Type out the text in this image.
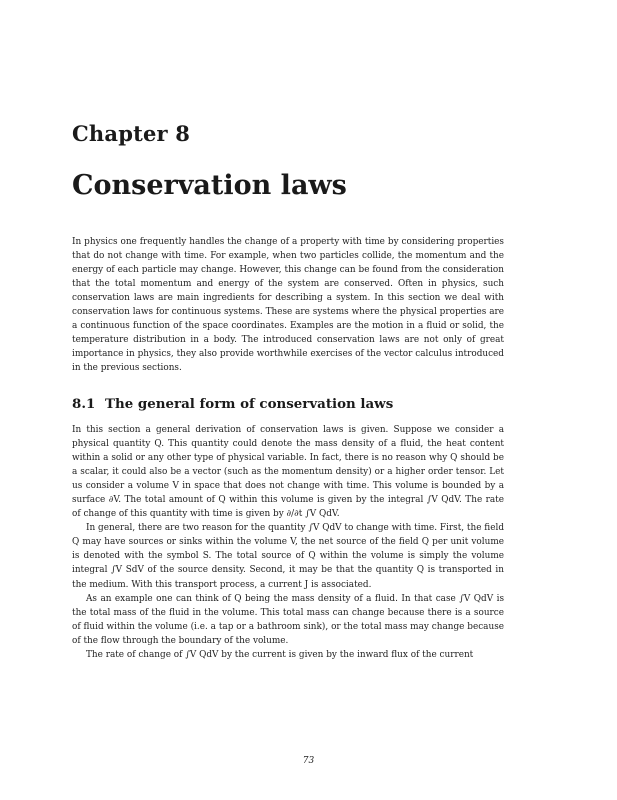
Chapter 8
Conservation laws

In physics one frequently handles the change of a property with time by considering properties that do not change with time. For example, when two particles collide, the momentum and the energy of each particle may change. However, this change can be found from the consideration that the total momentum and energy of the system are conserved. Often in physics, such conservation laws are main ingredients for describing a system. In this section we deal with conservation laws for continuous systems. These are systems where the physical properties are a continuous function of the space coordinates. Examples are the motion in a fluid or solid, the temperature distribution in a body. The introduced conservation laws are not only of great importance in physics, they also provide worthwhile exercises of the vector calculus introduced in the previous sections.

8.1 The general form of conservation laws

In this section a general derivation of conservation laws is given. Suppose we consider a physical quantity Q. This quantity could denote the mass density of a fluid, the heat content within a solid or any other type of physical variable. In fact, there is no reason why Q should be a scalar, it could also be a vector (such as the momentum density) or a higher order tensor. Let us consider a volume V in space that does not change with time. This volume is bounded by a surface ∂V. The total amount of Q within this volume is given by the integral ∫V QdV. The rate of change of this quantity with time is given by ∂/∂t ∫V QdV.

In general, there are two reason for the quantity ∫V QdV to change with time. First, the field Q may have sources or sinks within the volume V, the net source of the field Q per unit volume is denoted with the symbol S. The total source of Q within the volume is simply the volume integral ∫V SdV of the source density. Second, it may be that the quantity Q is transported in the medium. With this transport process, a current J is associated.

As an example one can think of Q being the mass density of a fluid. In that case ∫V QdV is the total mass of the fluid in the volume. This total mass can change because there is a source of fluid within the volume (i.e. a tap or a bathroom sink), or the total mass may change because of the flow through the boundary of the volume.

The rate of change of ∫V QdV by the current is given by the inward flux of the current

73
